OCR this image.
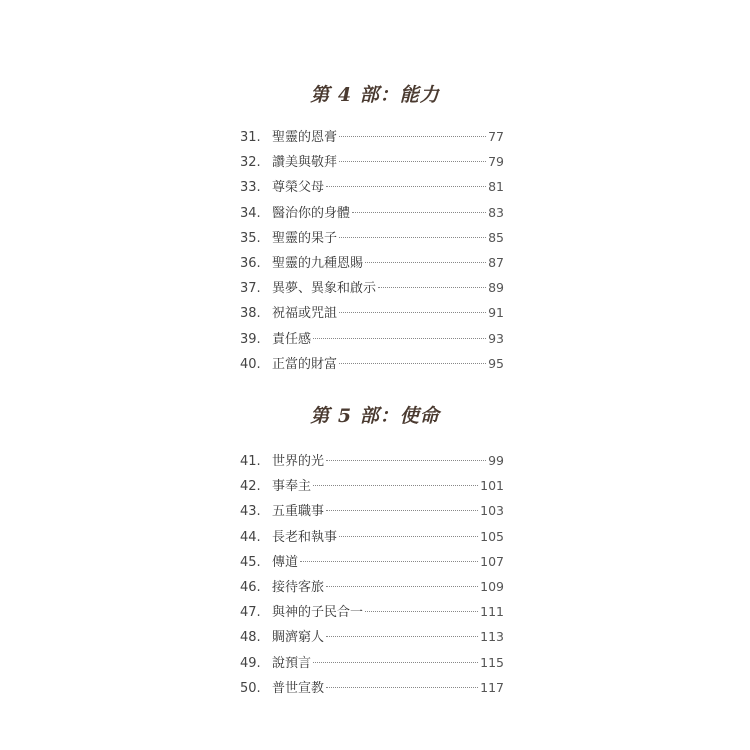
第 4 部：能力
31. 聖靈的恩膏	77
32. 讚美與敬拜	79
33. 尊榮父母	81
34. 醫治你的身體	83
35. 聖靈的果子	85
36. 聖靈的九種恩賜	87
37. 異夢、異象和啟示	89
38. 祝福或咒詛	91
39. 責任感	93
40. 正當的財富	95
第 5 部：使命
41. 世界的光	99
42. 事奉主	101
43. 五重職事	103
44. 長老和執事	105
45. 傳道	107
46. 接待客旅	109
47. 與神的子民合一	111
48. 賙濟窮人	113
49. 說預言	115
50. 普世宣教	117
